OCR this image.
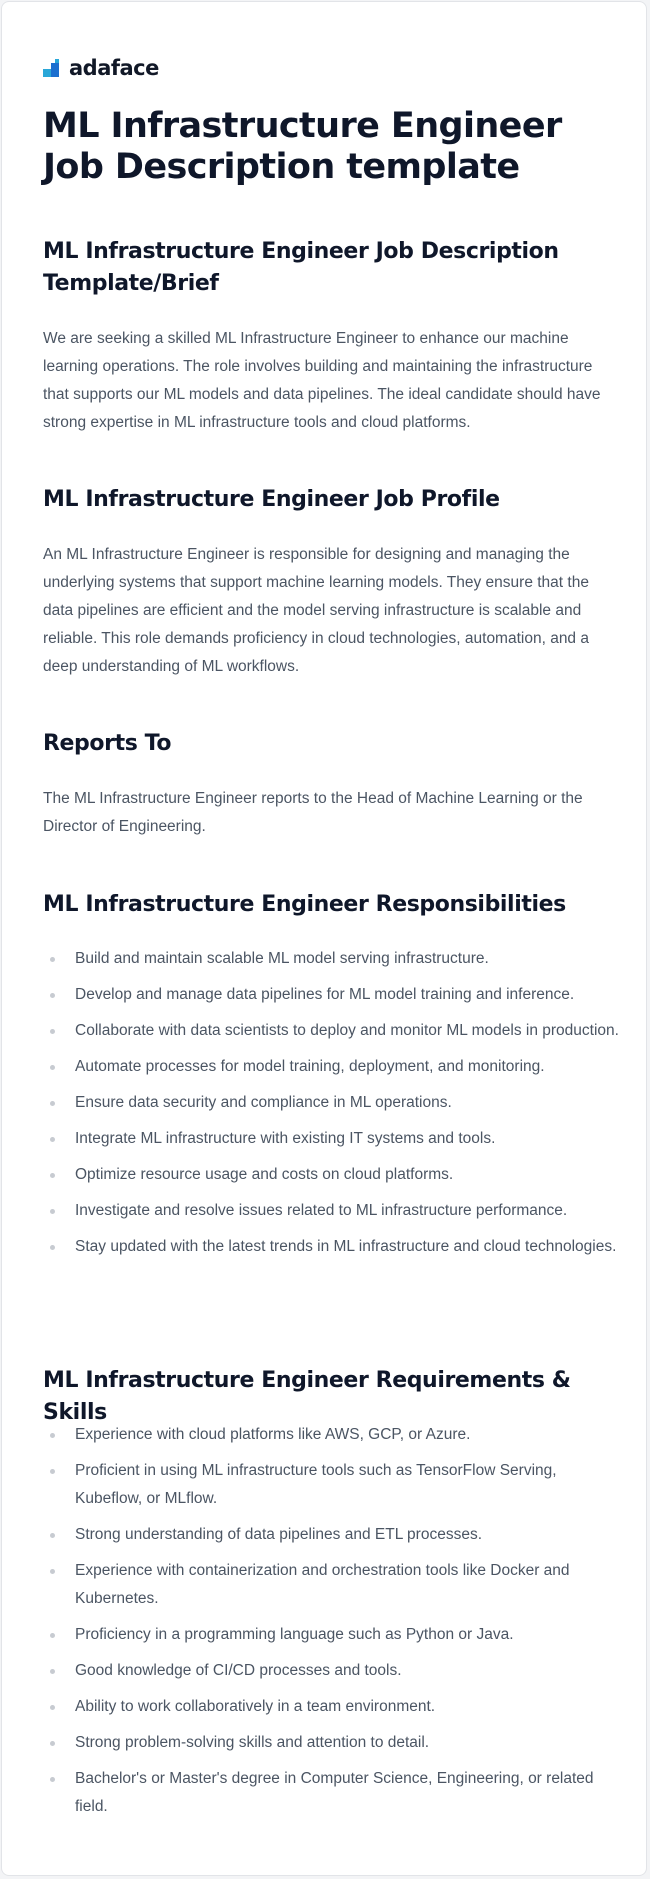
adaface
ML Infrastructure Engineer Job Description template
ML Infrastructure Engineer Job Description Template/Brief

We are seeking a skilled ML Infrastructure Engineer to enhance our machine learning operations. The role involves building and maintaining the infrastructure that supports our ML models and data pipelines. The ideal candidate should have strong expertise in ML infrastructure tools and cloud platforms.

ML Infrastructure Engineer Job Profile

An ML Infrastructure Engineer is responsible for designing and managing the underlying systems that support machine learning models. They ensure that the data pipelines are efficient and the model serving infrastructure is scalable and reliable. This role demands proficiency in cloud technologies, automation, and a deep understanding of ML workflows.

Reports To

The ML Infrastructure Engineer reports to the Head of Machine Learning or the Director of Engineering.

ML Infrastructure Engineer Responsibilities
Build and maintain scalable ML model serving infrastructure.
Develop and manage data pipelines for ML model training and inference.
Collaborate with data scientists to deploy and monitor ML models in production.
Automate processes for model training, deployment, and monitoring.
Ensure data security and compliance in ML operations.
Integrate ML infrastructure with existing IT systems and tools.
Optimize resource usage and costs on cloud platforms.
Investigate and resolve issues related to ML infrastructure performance.
Stay updated with the latest trends in ML infrastructure and cloud technologies.
ML Infrastructure Engineer Requirements & Skills
Experience with cloud platforms like AWS, GCP, or Azure.
Proficient in using ML infrastructure tools such as TensorFlow Serving, Kubeflow, or MLflow.
Strong understanding of data pipelines and ETL processes.
Experience with containerization and orchestration tools like Docker and Kubernetes.
Proficiency in a programming language such as Python or Java.
Good knowledge of CI/CD processes and tools.
Ability to work collaboratively in a team environment.
Strong problem-solving skills and attention to detail.
Bachelor's or Master's degree in Computer Science, Engineering, or related field.
